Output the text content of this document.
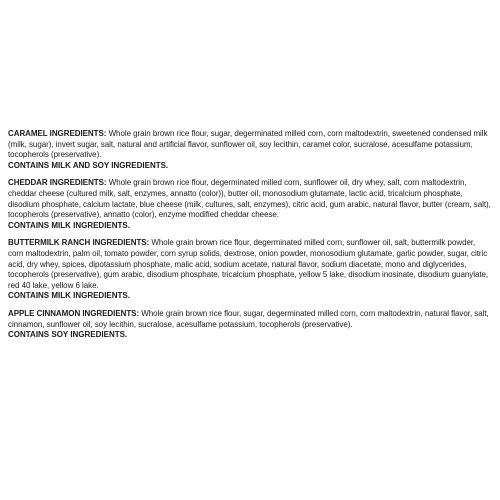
CARAMEL INGREDIENTS: Whole grain brown rice flour, sugar, degerminated milled corn, corn maltodextrin, sweetened condensed milk (milk, sugar), invert sugar, salt, natural and artificial flavor, sunflower oil, soy lecithin, caramel color, sucralose, acesulfame potassium, tocopherols (preservative).

CONTAINS MILK AND SOY INGREDIENTS.

CHEDDAR INGREDIENTS: Whole grain brown rice flour, degerminated milled corn, sunflower oil, dry whey, salt, corn maltodextrin, cheddar cheese (cultured milk, salt, enzymes, annatto (color)), butter oil, monosodium glutamate, lactic acid, tricalcium phosphate, disodium phosphate, calcium lactate, blue cheese (milk, cultures, salt, enzymes), citric acid, gum arabic, natural flavor, butter (cream, salt), tocopherols (preservative), annatto (color), enzyme modified cheddar cheese.

CONTAINS MILK INGREDIENTS.

BUTTERMILK RANCH INGREDIENTS: Whole grain brown rice flour, degerminated milled corn, sunflower oil, salt, buttermilk powder, corn maltodextrin, palm oil, tomato powder, corn syrup solids, dextrose, onion powder, monosodium glutamate, garlic powder, sugar, citric acid, dry whey, spices, dipotassium phosphate, malic acid, sodium acetate, natural flavor, sodium diacetate, mono and diglycerides, tocopherols (preservative), gum arabic, disodium phosphate, tricalcium phosphate, yellow 5 lake, disodium inosinate, disodium guanylate, red 40 lake, yellow 6 lake.

CONTAINS MILK INGREDIENTS.

APPLE CINNAMON INGREDIENTS: Whole grain brown rice flour, sugar, degerminated milled corn, corn maltodextrin, natural flavor, salt, cinnamon, sunflower oil, soy lecithin, sucralose, acesulfame potassium, tocopherols (preservative).

CONTAINS SOY INGREDIENTS.
